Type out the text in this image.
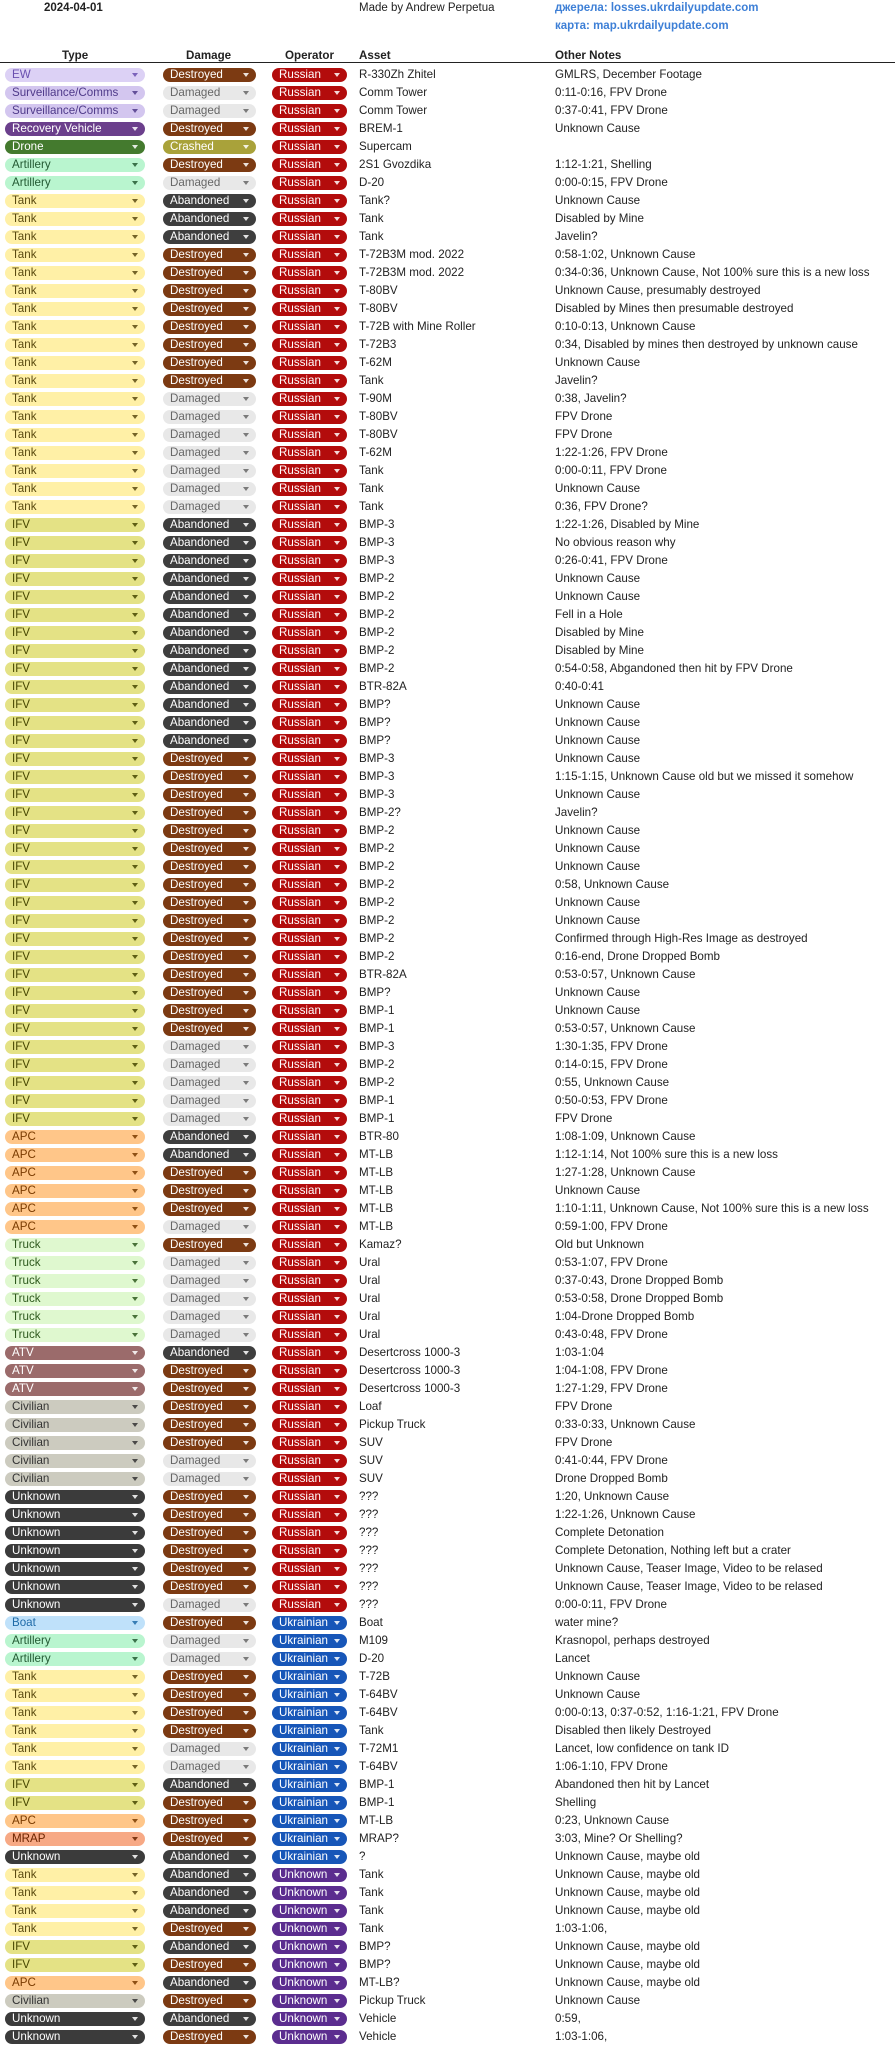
2024-04-01	Made by Andrew Perpetua	джерела: losses.ukrdailyupdate.com
карта: map.ukrdailyupdate.com
Type	Damage	Operator Asset	Other Notes
EW	Destroyed	Russian	R-330Zh Zhitel	GMLRS, December Footage
Surveillance/Comms	Damaged	Russian	Comm Tower	0:11-0:16, FPV Drone
Surveillance/Comms	Damaged	Russian	Comm Tower	0:37-0:41, FPV Drone
Recovery Vehicle	Destroyed	Russian	BREM-1	Unknown Cause
Drone	Crashed	Russian	Supercam
Artillery	Destroyed	Russian	2S1 Gvozdika	1:12-1:21, Shelling
Artillery	Damaged	Russian	D-20	0:00-0:15, FPV Drone
Tank	Abandoned	Russian	Tank?	Unknown Cause
Tank	Abandoned	Russian	Tank	Disabled by Mine
Tank	Abandoned	Russian	Tank	Javelin?
Tank	Destroyed	Russian	T-72B3M mod. 2022	0:58-1:02, Unknown Cause
Tank	Destroyed	Russian	T-72B3M mod. 2022	0:34-0:36, Unknown Cause, Not 100% sure this is a new loss
Tank	Destroyed	Russian	T-80BV	Unknown Cause, presumably destroyed
Tank	Destroyed	Russian	T-80BV	Disabled by Mines then presumable destroyed
Tank	Destroyed	Russian	T-72B with Mine Roller	0:10-0:13, Unknown Cause
Tank	Destroyed	Russian	T-72B3	0:34, Disabled by mines then destroyed by unknown cause
Tank	Destroyed	Russian	T-62M	Unknown Cause
Tank	Destroyed	Russian	Tank	Javelin?
Tank	Damaged	Russian	T-90M	0:38, Javelin?
Tank	Damaged	Russian	T-80BV	FPV Drone
Tank	Damaged	Russian	T-80BV	FPV Drone
Tank	Damaged	Russian	T-62M	1:22-1:26, FPV Drone
Tank	Damaged	Russian	Tank	0:00-0:11, FPV Drone
Tank	Damaged	Russian	Tank	Unknown Cause
Tank	Damaged	Russian	Tank	0:36, FPV Drone?
IFV	Abandoned	Russian	BMP-3	1:22-1:26, Disabled by Mine
IFV	Abandoned	Russian	BMP-3	No obvious reason why
IFV	Abandoned	Russian	BMP-3	0:26-0:41, FPV Drone
IFV	Abandoned	Russian	BMP-2	Unknown Cause
IFV	Abandoned	Russian	BMP-2	Unknown Cause
IFV	Abandoned	Russian	BMP-2	Fell in a Hole
IFV	Abandoned	Russian	BMP-2	Disabled by Mine
IFV	Abandoned	Russian	BMP-2	Disabled by Mine
IFV	Abandoned	Russian	BMP-2	0:54-0:58, Abgandoned then hit by FPV Drone
IFV	Abandoned	Russian	BTR-82A	0:40-0:41
IFV	Abandoned	Russian	BMP?	Unknown Cause
IFV	Abandoned	Russian	BMP?	Unknown Cause
IFV	Abandoned	Russian	BMP?	Unknown Cause
IFV	Destroyed	Russian	BMP-3	Unknown Cause
IFV	Destroyed	Russian	BMP-3	1:15-1:15, Unknown Cause old but we missed it somehow
IFV	Destroyed	Russian	BMP-3	Unknown Cause
IFV	Destroyed	Russian	BMP-2?	Javelin?
IFV	Destroyed	Russian	BMP-2	Unknown Cause
IFV	Destroyed	Russian	BMP-2	Unknown Cause
IFV	Destroyed	Russian	BMP-2	Unknown Cause
IFV	Destroyed	Russian	BMP-2	0:58, Unknown Cause
IFV	Destroyed	Russian	BMP-2	Unknown Cause
IFV	Destroyed	Russian	BMP-2	Unknown Cause
IFV	Destroyed	Russian	BMP-2	Confirmed through High-Res Image as destroyed
IFV	Destroyed	Russian	BMP-2	0:16-end, Drone Dropped Bomb
IFV	Destroyed	Russian	BTR-82A	0:53-0:57, Unknown Cause
IFV	Destroyed	Russian	BMP?	Unknown Cause
IFV	Destroyed	Russian	BMP-1	Unknown Cause
IFV	Destroyed	Russian	BMP-1	0:53-0:57, Unknown Cause
IFV	Damaged	Russian	BMP-3	1:30-1:35, FPV Drone
IFV	Damaged	Russian	BMP-2	0:14-0:15, FPV Drone
IFV	Damaged	Russian	BMP-2	0:55, Unknown Cause
IFV	Damaged	Russian	BMP-1	0:50-0:53, FPV Drone
IFV	Damaged	Russian	BMP-1	FPV Drone
APC	Abandoned	Russian	BTR-80	1:08-1:09, Unknown Cause
APC	Abandoned	Russian	MT-LB	1:12-1:14, Not 100% sure this is a new loss
APC	Destroyed	Russian	MT-LB	1:27-1:28, Unknown Cause
APC	Destroyed	Russian	MT-LB	Unknown Cause
APC	Destroyed	Russian	MT-LB	1:10-1:11, Unknown Cause, Not 100% sure this is a new loss
APC	Damaged	Russian	MT-LB	0:59-1:00, FPV Drone
Truck	Destroyed	Russian	Kamaz?	Old but Unknown
Truck	Damaged	Russian	Ural	0:53-1:07, FPV Drone
Truck	Damaged	Russian	Ural	0:37-0:43, Drone Dropped Bomb
Truck	Damaged	Russian	Ural	0:53-0:58, Drone Dropped Bomb
Truck	Damaged	Russian	Ural	1:04-Drone Dropped Bomb
Truck	Damaged	Russian	Ural	0:43-0:48, FPV Drone
ATV	Abandoned	Russian	Desertcross 1000-3	1:03-1:04
ATV	Destroyed	Russian	Desertcross 1000-3	1:04-1:08, FPV Drone
ATV	Destroyed	Russian	Desertcross 1000-3	1:27-1:29, FPV Drone
Civilian	Destroyed	Russian	Loaf	FPV Drone
Civilian	Destroyed	Russian	Pickup Truck	0:33-0:33, Unknown Cause
Civilian	Destroyed	Russian	SUV	FPV Drone
Civilian	Damaged	Russian	SUV	0:41-0:44, FPV Drone
Civilian	Damaged	Russian	SUV	Drone Dropped Bomb
Unknown	Destroyed	Russian	???	1:20, Unknown Cause
Unknown	Destroyed	Russian	???	1:22-1:26, Unknown Cause
Unknown	Destroyed	Russian	???	Complete Detonation
Unknown	Destroyed	Russian	???	Complete Detonation, Nothing left but a crater
Unknown	Destroyed	Russian	???	Unknown Cause, Teaser Image, Video to be relased
Unknown	Destroyed	Russian	???	Unknown Cause, Teaser Image, Video to be relased
Unknown	Damaged	Russian	???	0:00-0:11, FPV Drone
Boat	Destroyed	Ukrainian	Boat	water mine?
Artillery	Damaged	Ukrainian	M109	Krasnopol, perhaps destroyed
Artillery	Damaged	Ukrainian	D-20	Lancet
Tank	Destroyed	Ukrainian	T-72B	Unknown Cause
Tank	Destroyed	Ukrainian	T-64BV	Unknown Cause
Tank	Destroyed	Ukrainian	T-64BV	0:00-0:13, 0:37-0:52, 1:16-1:21, FPV Drone
Tank	Destroyed	Ukrainian	Tank	Disabled then likely Destroyed
Tank	Damaged	Ukrainian	T-72M1	Lancet, low confidence on tank ID
Tank	Damaged	Ukrainian	T-64BV	1:06-1:10, FPV Drone
IFV	Abandoned	Ukrainian	BMP-1	Abandoned then hit by Lancet
IFV	Destroyed	Ukrainian	BMP-1	Shelling
APC	Destroyed	Ukrainian	MT-LB	0:23, Unknown Cause
MRAP	Destroyed	Ukrainian	MRAP?	3:03, Mine? Or Shelling?
Unknown	Abandoned	Ukrainian	?	Unknown Cause, maybe old
Tank	Abandoned	Unknown	Tank	Unknown Cause, maybe old
Tank	Abandoned	Unknown	Tank	Unknown Cause, maybe old
Tank	Abandoned	Unknown	Tank	Unknown Cause, maybe old
Tank	Destroyed	Unknown	Tank	1:03-1:06,
IFV	Abandoned	Unknown	BMP?	Unknown Cause, maybe old
IFV	Destroyed	Unknown	BMP?	Unknown Cause, maybe old
APC	Abandoned	Unknown	MT-LB?	Unknown Cause, maybe old
Civilian	Destroyed	Unknown	Pickup Truck	Unknown Cause
Unknown	Abandoned	Unknown	Vehicle	0:59,
Unknown	Destroyed	Unknown	Vehicle	1:03-1:06,
